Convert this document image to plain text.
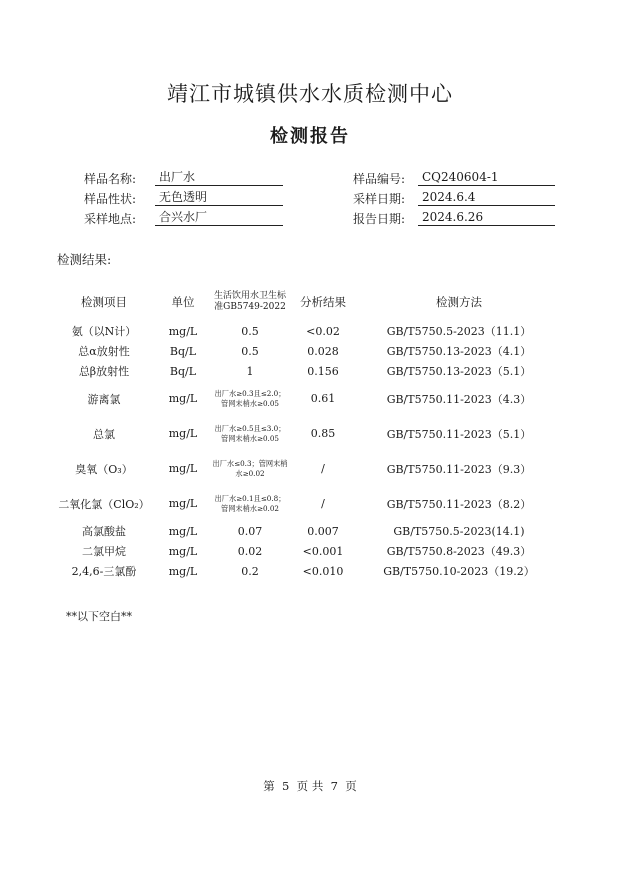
靖江市城镇供水水质检测中心
检测报告
样品名称:	出厂水
样品性状:	无色透明
采样地点:	合兴水厂
样品编号:	CQ240604-1
采样日期:	2024.6.4
报告日期:	2024.6.26
检测结果:
检测项目	单位	生活饮用水卫生标准GB5749-2022	分析结果	检测方法
氨（以N计）	mg/L	0.5	<0.02	GB/T5750.5-2023（11.1）
总α放射性	Bq/L	0.5	0.028	GB/T5750.13-2023（4.1）
总β放射性	Bq/L	1	0.156	GB/T5750.13-2023（5.1）
游离氯	mg/L	出厂水≥0.3且≤2.0；管网末梢水≥0.05	0.61	GB/T5750.11-2023（4.3）
总氯	mg/L	出厂水≥0.5且≤3.0；管网末梢水≥0.05	0.85	GB/T5750.11-2023（5.1）
臭氧（O₃）	mg/L	出厂水≤0.3；管网末梢水≥0.02	/	GB/T5750.11-2023（9.3）
二氧化氯（ClO₂）	mg/L	出厂水≥0.1且≤0.8；管网末梢水≥0.02	/	GB/T5750.11-2023（8.2）
高氯酸盐	mg/L	0.07	0.007	GB/T5750.5-2023(14.1)
二氯甲烷	mg/L	0.02	<0.001	GB/T5750.8-2023（49.3）
2,4,6-三氯酚	mg/L	0.2	<0.010	GB/T5750.10-2023（19.2）
**以下空白**
第 5 页 共 7 页
